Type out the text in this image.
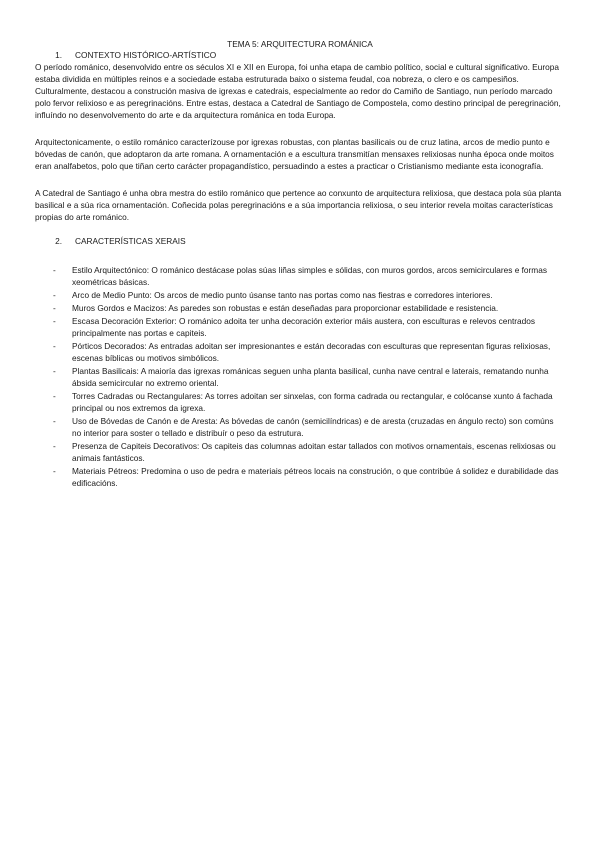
TEMA 5: ARQUITECTURA ROMÁNICA
1.	CONTEXTO HISTÓRICO-ARTÍSTICO

O período románico, desenvolvido entre os séculos XI e XII en Europa, foi unha etapa de cambio político, social e cultural significativo. Europa estaba dividida en múltiples reinos e a sociedade estaba estruturada baixo o sistema feudal, coa nobreza, o clero e os campesiños. Culturalmente, destacou a construción masiva de igrexas e catedrais, especialmente ao redor do Camiño de Santiago, nun período marcado polo fervor relixioso e as peregrinacións. Entre estas, destaca a Catedral de Santiago de Compostela, como destino principal de peregrinación, influíndo no desenvolvemento do arte e da arquitectura románica en toda Europa.

Arquitectonicamente, o estilo románico caracterízouse por igrexas robustas, con plantas basilicais ou de cruz latina, arcos de medio punto e bóvedas de canón, que adoptaron da arte romana. A ornamentación e a escultura transmitían mensaxes relixiosas nunha época onde moitos eran analfabetos, polo que tiñan certo carácter propagandístico, persuadindo a estes a practicar o Cristianismo mediante esta iconografía.

A Catedral de Santiago é unha obra mestra do estilo románico que pertence ao conxunto de arquitectura relixiosa, que destaca pola súa planta basilical e a súa rica ornamentación. Coñecida polas peregrinacións e a súa importancia relixiosa, o seu interior revela moitas características propias do arte románico.

2.	CARACTERÍSTICAS XERAIS
-	Estilo Arquitectónico: O románico destácase polas súas liñas simples e sólidas, con muros gordos, arcos semicirculares e formas xeométricas básicas.
-	Arco de Medio Punto: Os arcos de medio punto úsanse tanto nas portas como nas fiestras e corredores interiores.
-	Muros Gordos e Macizos: As paredes son robustas e están deseñadas para proporcionar estabilidade e resistencia.
-	Escasa Decoración Exterior: O románico adoita ter unha decoración exterior máis austera, con esculturas e relevos centrados principalmente nas portas e capiteis.
-	Pórticos Decorados: As entradas adoitan ser impresionantes e están decoradas con esculturas que representan figuras relixiosas, escenas bíblicas ou motivos simbólicos.
-	Plantas Basilicais: A maioría das igrexas románicas seguen unha planta basilical, cunha nave central e laterais, rematando nunha ábsida semicircular no extremo oriental.
-	Torres Cadradas ou Rectangulares: As torres adoitan ser sinxelas, con forma cadrada ou rectangular, e colócanse xunto á fachada principal ou nos extremos da igrexa.
-	Uso de Bóvedas de Canón e de Aresta: As bóvedas de canón (semicilíndricas) e de aresta (cruzadas en ángulo recto) son comúns no interior para soster o tellado e distribuír o peso da estrutura.
-	Presenza de Capiteis Decorativos: Os capiteis das columnas adoitan estar tallados con motivos ornamentais, escenas relixiosas ou animais fantásticos.
-	Materiais Pétreos: Predomina o uso de pedra e materiais pétreos locais na construción, o que contribúe á solidez e durabilidade das edificacións.
